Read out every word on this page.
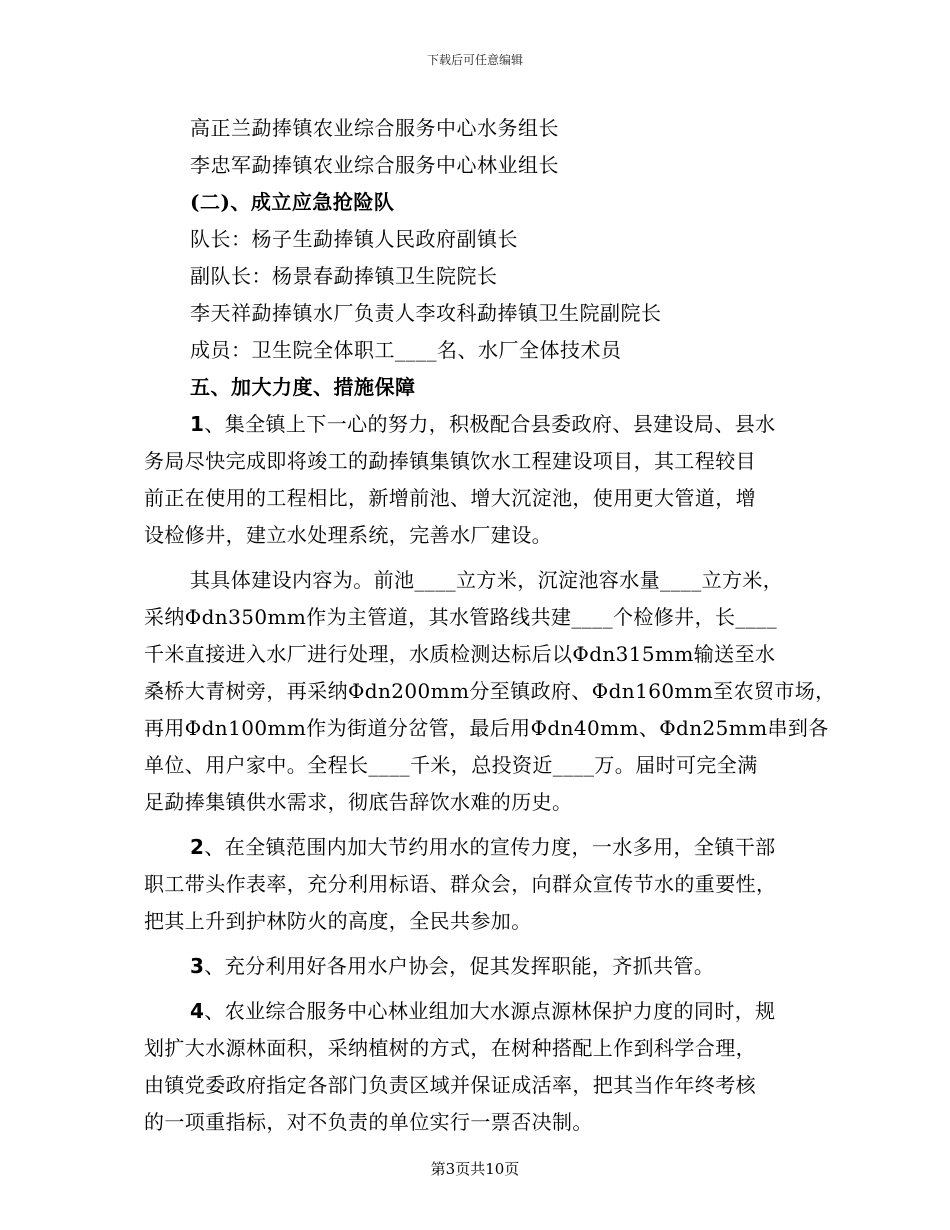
下载后可任意编辑
高正兰勐捧镇农业综合服务中心水务组长
李忠军勐捧镇农业综合服务中心林业组长
(二)、成立应急抢险队
队长：杨子生勐捧镇人民政府副镇长
副队长：杨景春勐捧镇卫生院院长
李天祥勐捧镇水厂负责人李攻科勐捧镇卫生院副院长
成员：卫生院全体职工____名、水厂全体技术员
五、加大力度、措施保障
1、集全镇上下一心的努力，积极配合县委政府、县建设局、县水
务局尽快完成即将竣工的勐捧镇集镇饮水工程建设项目，其工程较目
前正在使用的工程相比，新增前池、增大沉淀池，使用更大管道，增
设检修井，建立水处理系统，完善水厂建设。
其具体建设内容为。前池____立方米，沉淀池容水量____立方米，
采纳Φdn350mm作为主管道，其水管路线共建____个检修井，长____
千米直接进入水厂进行处理，水质检测达标后以Φdn315mm输送至水
桑桥大青树旁，再采纳Φdn200mm分至镇政府、Φdn160mm至农贸市场，
再用Φdn100mm作为街道分岔管，最后用Φdn40mm、Φdn25mm串到各
单位、用户家中。全程长____千米，总投资近____万。届时可完全满
足勐捧集镇供水需求，彻底告辞饮水难的历史。
2、在全镇范围内加大节约用水的宣传力度，一水多用，全镇干部
职工带头作表率，充分利用标语、群众会，向群众宣传节水的重要性，
把其上升到护林防火的高度，全民共参加。
3、充分利用好各用水户协会，促其发挥职能，齐抓共管。
4、农业综合服务中心林业组加大水源点源林保护力度的同时，规
划扩大水源林面积，采纳植树的方式，在树种搭配上作到科学合理，
由镇党委政府指定各部门负责区域并保证成活率，把其当作年终考核
的一项重指标，对不负责的单位实行一票否决制。
第3页共10页
